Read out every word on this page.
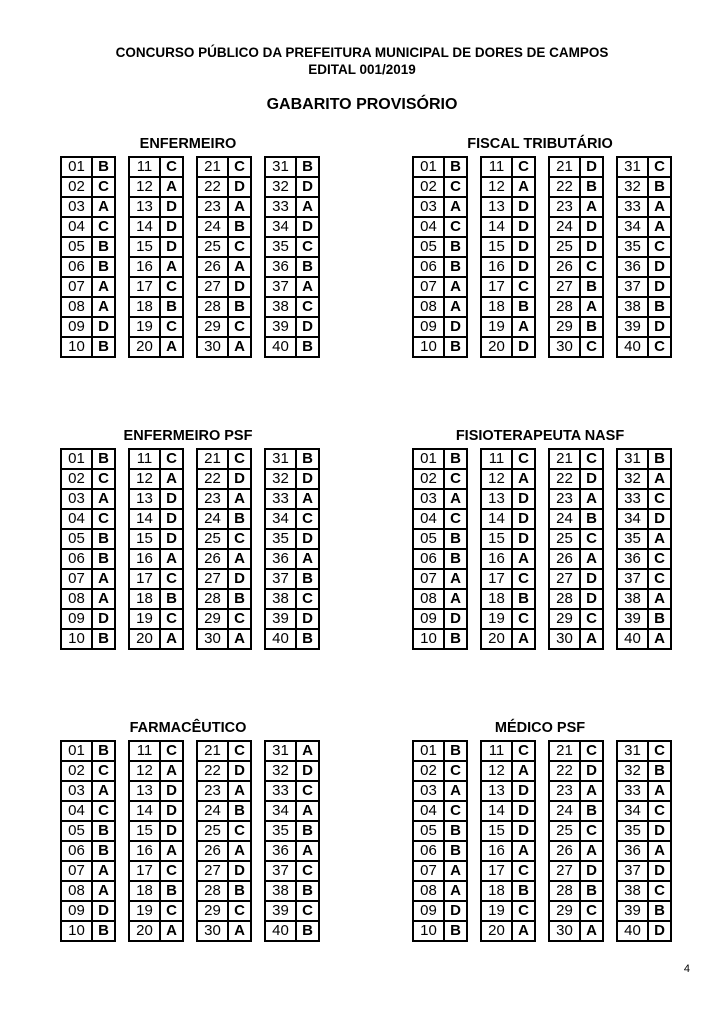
CONCURSO PÚBLICO DA PREFEITURA MUNICIPAL DE DORES DE CAMPOS
EDITAL 001/2019
GABARITO PROVISÓRIO
ENFERMEIRO
01	B
02	C
03	A
04	C
05	B
06	B
07	A
08	A
09	D
10	B
11	C
12	A
13	D
14	D
15	D
16	A
17	C
18	B
19	C
20	A
21	C
22	D
23	A
24	B
25	C
26	A
27	D
28	B
29	C
30	A
31	B
32	D
33	A
34	D
35	C
36	B
37	A
38	C
39	D
40	B
FISCAL TRIBUTÁRIO
01	B
02	C
03	A
04	C
05	B
06	B
07	A
08	A
09	D
10	B
11	C
12	A
13	D
14	D
15	D
16	D
17	C
18	B
19	A
20	D
21	D
22	B
23	A
24	D
25	D
26	C
27	B
28	A
29	B
30	C
31	C
32	B
33	A
34	A
35	C
36	D
37	D
38	B
39	D
40	C
ENFERMEIRO PSF
01	B
02	C
03	A
04	C
05	B
06	B
07	A
08	A
09	D
10	B
11	C
12	A
13	D
14	D
15	D
16	A
17	C
18	B
19	C
20	A
21	C
22	D
23	A
24	B
25	C
26	A
27	D
28	B
29	C
30	A
31	B
32	D
33	A
34	C
35	D
36	A
37	B
38	C
39	D
40	B
FISIOTERAPEUTA NASF
01	B
02	C
03	A
04	C
05	B
06	B
07	A
08	A
09	D
10	B
11	C
12	A
13	D
14	D
15	D
16	A
17	C
18	B
19	C
20	A
21	C
22	D
23	A
24	B
25	C
26	A
27	D
28	D
29	C
30	A
31	B
32	A
33	C
34	D
35	A
36	C
37	C
38	A
39	B
40	A
FARMACÊUTICO
01	B
02	C
03	A
04	C
05	B
06	B
07	A
08	A
09	D
10	B
11	C
12	A
13	D
14	D
15	D
16	A
17	C
18	B
19	C
20	A
21	C
22	D
23	A
24	B
25	C
26	A
27	D
28	B
29	C
30	A
31	A
32	D
33	C
34	A
35	B
36	A
37	C
38	B
39	C
40	B
MÉDICO PSF
01	B
02	C
03	A
04	C
05	B
06	B
07	A
08	A
09	D
10	B
11	C
12	A
13	D
14	D
15	D
16	A
17	C
18	B
19	C
20	A
21	C
22	D
23	A
24	B
25	C
26	A
27	D
28	B
29	C
30	A
31	C
32	B
33	A
34	C
35	D
36	A
37	D
38	C
39	B
40	D
4
